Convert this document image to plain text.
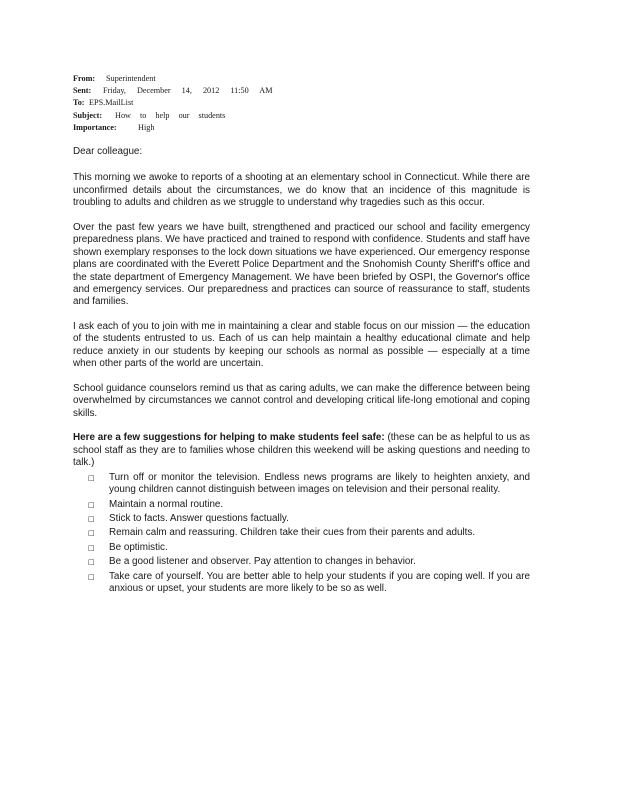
From: Superintendent
Sent: Friday, December 14, 2012 11:50 AM
To: EPS.MailList
Subject: How to help our students
Importance:	High

Dear colleague:

This morning we awoke to reports of a shooting at an elementary school in Connecticut. While there are unconfirmed details about the circumstances, we do know that an incidence of this magnitude is troubling to adults and children as we struggle to understand why tragedies such as this occur.

Over the past few years we have built, strengthened and practiced our school and facility emergency preparedness plans. We have practiced and trained to respond with confidence. Students and staff have shown exemplary responses to the lock down situations we have experienced. Our emergency response plans are coordinated with the Everett Police Department and the Snohomish County Sheriff's office and the state department of Emergency Management. We have been briefed by OSPI, the Governor's office and emergency services. Our preparedness and practices can source of reassurance to staff, students and families.

I ask each of you to join with me in maintaining a clear and stable focus on our mission — the education of the students entrusted to us. Each of us can help maintain a healthy educational climate and help reduce anxiety in our students by keeping our schools as normal as possible — especially at a time when other parts of the world are uncertain.

School guidance counselors remind us that as caring adults, we can make the difference between being overwhelmed by circumstances we cannot control and developing critical life-long emotional and coping skills.

Here are a few suggestions for helping to make students feel safe: (these can be as helpful to us as school staff as they are to families whose children this weekend will be asking questions and needing to talk.)

□ Turn off or monitor the television. Endless news programs are likely to heighten anxiety, and young children cannot distinguish between images on television and their personal reality.
□ Maintain a normal routine.
□ Stick to facts. Answer questions factually.
□ Remain calm and reassuring. Children take their cues from their parents and adults.
□ Be optimistic.
□ Be a good listener and observer. Pay attention to changes in behavior.
□ Take care of yourself. You are better able to help your students if you are coping well. If you are anxious or upset, your students are more likely to be so as well.
